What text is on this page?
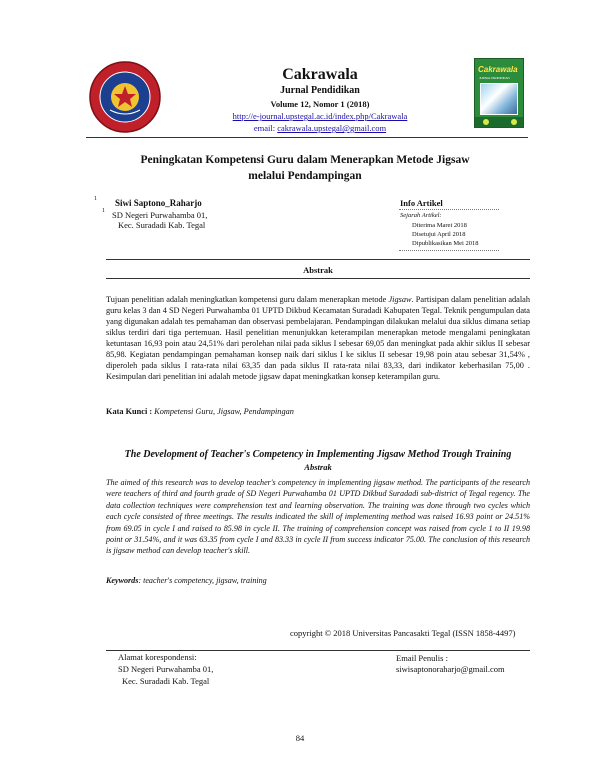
Cakrawala
JURNAL PENDIDIKAN
Cakrawala
Jurnal Pendidikan
Volume 12, Nomor 1 (2018)
http://e-journal.upstegal.ac.id/index.php/Cakrawala
email: cakrawala.upstegal@gmail.com
Peningkatan Kompetensi Guru dalam Menerapkan Metode Jigsaw
melalui Pendampingan
1 Siwi Saptono_Raharjo
1 SD Negeri Purwahamba 01,
Kec. Suradadi Kab. Tegal
Info Artikel
Sejarah Artikel:
Diterima Maret 2018
Disetujui April 2018
Dipublikasikan Mei 2018
Abstrak
Tujuan penelitian adalah meningkatkan kompetensi guru dalam menerapkan metode Jigsaw. Partisipan dalam penelitian adalah guru kelas 3 dan 4 SD Negeri Purwahamba 01 UPTD Dikbud Kecamatan Suradadi Kabupaten Tegal. Teknik pengumpulan data yang digunakan adalah tes pemahaman dan observasi pembelajaran. Pendampingan dilakukan melalui dua siklus dimana setiap siklus terdiri dari tiga pertemuan. Hasil penelitian menunjukkan keterampilan menerapkan metode mengalami peningkatan ketuntasan 16,93 poin atau 24,51% dari perolehan nilai pada siklus I sebesar 69,05 dan meningkat pada akhir siklus II sebesar 85,98. Kegiatan pendampingan pemahaman konsep naik dari siklus I ke siklus II sebesar 19,98 poin atau sebesar 31,54% , diperoleh pada siklus I rata-rata nilai 63,35 dan pada siklus II rata-rata nilai 83,33, dari indikator keberhasilan 75,00 . Kesimpulan dari penelitian ini adalah metode jigsaw dapat meningkatkan konsep keterampilan guru.
Kata Kunci : Kompetensi Guru, Jigsaw, Pendampingan
The Development of Teacher's Competency in Implementing Jigsaw Method Trough Training
Abstrak
The aimed of this research was to develop teacher's competency in implementing jigsaw method. The participants of the research were teachers of third and fourth grade of SD Negeri Purwahamba 01 UPTD Dikbud Suradadi sub-district of Tegal regency. The data collection techniques were comprehension test and learning observation. The training was done through two cycles which each cycle consisted of three meetings. The results indicated the skill of implementing method was raised 16.93 point or 24.51% from 69.05 in cycle I and raised to 85.98 in cycle II. The training of comprehension concept was raised from cycle 1 to II 19.98 point or 31.54%, and it was 63.35 from cycle I and 83.33 in cycle II from success indicator 75.00. The conclusion of this research is jigsaw method can develop teacher's skill.
Keywords: teacher's competency, jigsaw, training
copyright © 2018 Universitas Pancasakti Tegal (ISSN 1858-4497)
Alamat korespondensi:
SD Negeri Purwahamba 01,
Kec. Suradadi Kab. Tegal
Email Penulis :
siwisaptonoraharjo@gmail.com
84
